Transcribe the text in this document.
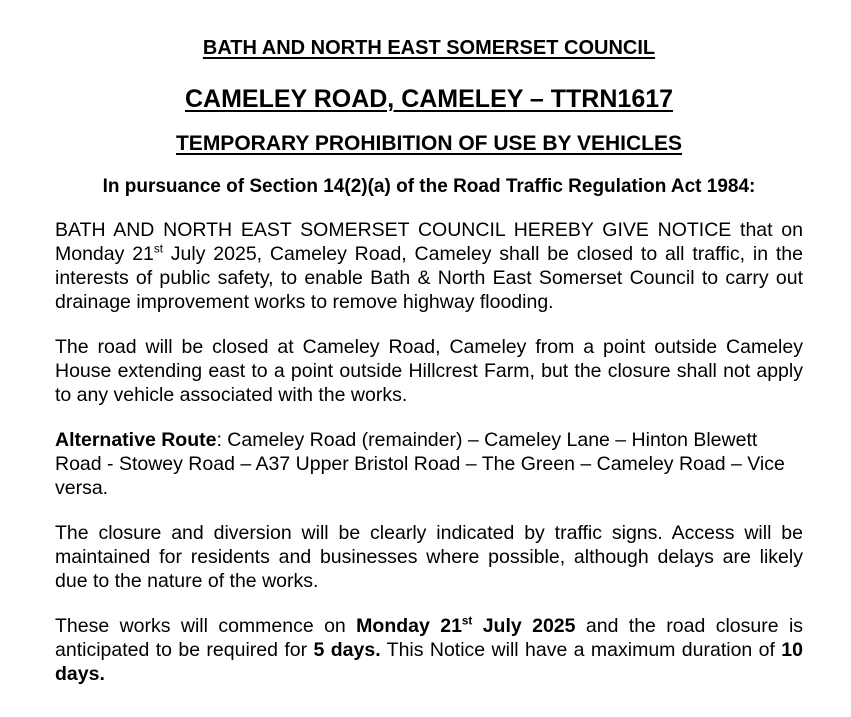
BATH AND NORTH EAST SOMERSET COUNCIL
CAMELEY ROAD, CAMELEY – TTRN1617
TEMPORARY PROHIBITION OF USE BY VEHICLES
In pursuance of Section 14(2)(a) of the Road Traffic Regulation Act 1984:

BATH AND NORTH EAST SOMERSET COUNCIL HEREBY GIVE NOTICE that on Monday 21st July 2025, Cameley Road, Cameley shall be closed to all traffic, in the interests of public safety, to enable Bath & North East Somerset Council to carry out drainage improvement works to remove highway flooding.

The road will be closed at Cameley Road, Cameley from a point outside Cameley House extending east to a point outside Hillcrest Farm, but the closure shall not apply to any vehicle associated with the works.

Alternative Route: Cameley Road (remainder) – Cameley Lane – Hinton Blewett Road - Stowey Road – A37 Upper Bristol Road – The Green – Cameley Road – Vice versa.

The closure and diversion will be clearly indicated by traffic signs. Access will be maintained for residents and businesses where possible, although delays are likely due to the nature of the works.

These works will commence on Monday 21st July 2025 and the road closure is anticipated to be required for 5 days. This Notice will have a maximum duration of 10 days.
